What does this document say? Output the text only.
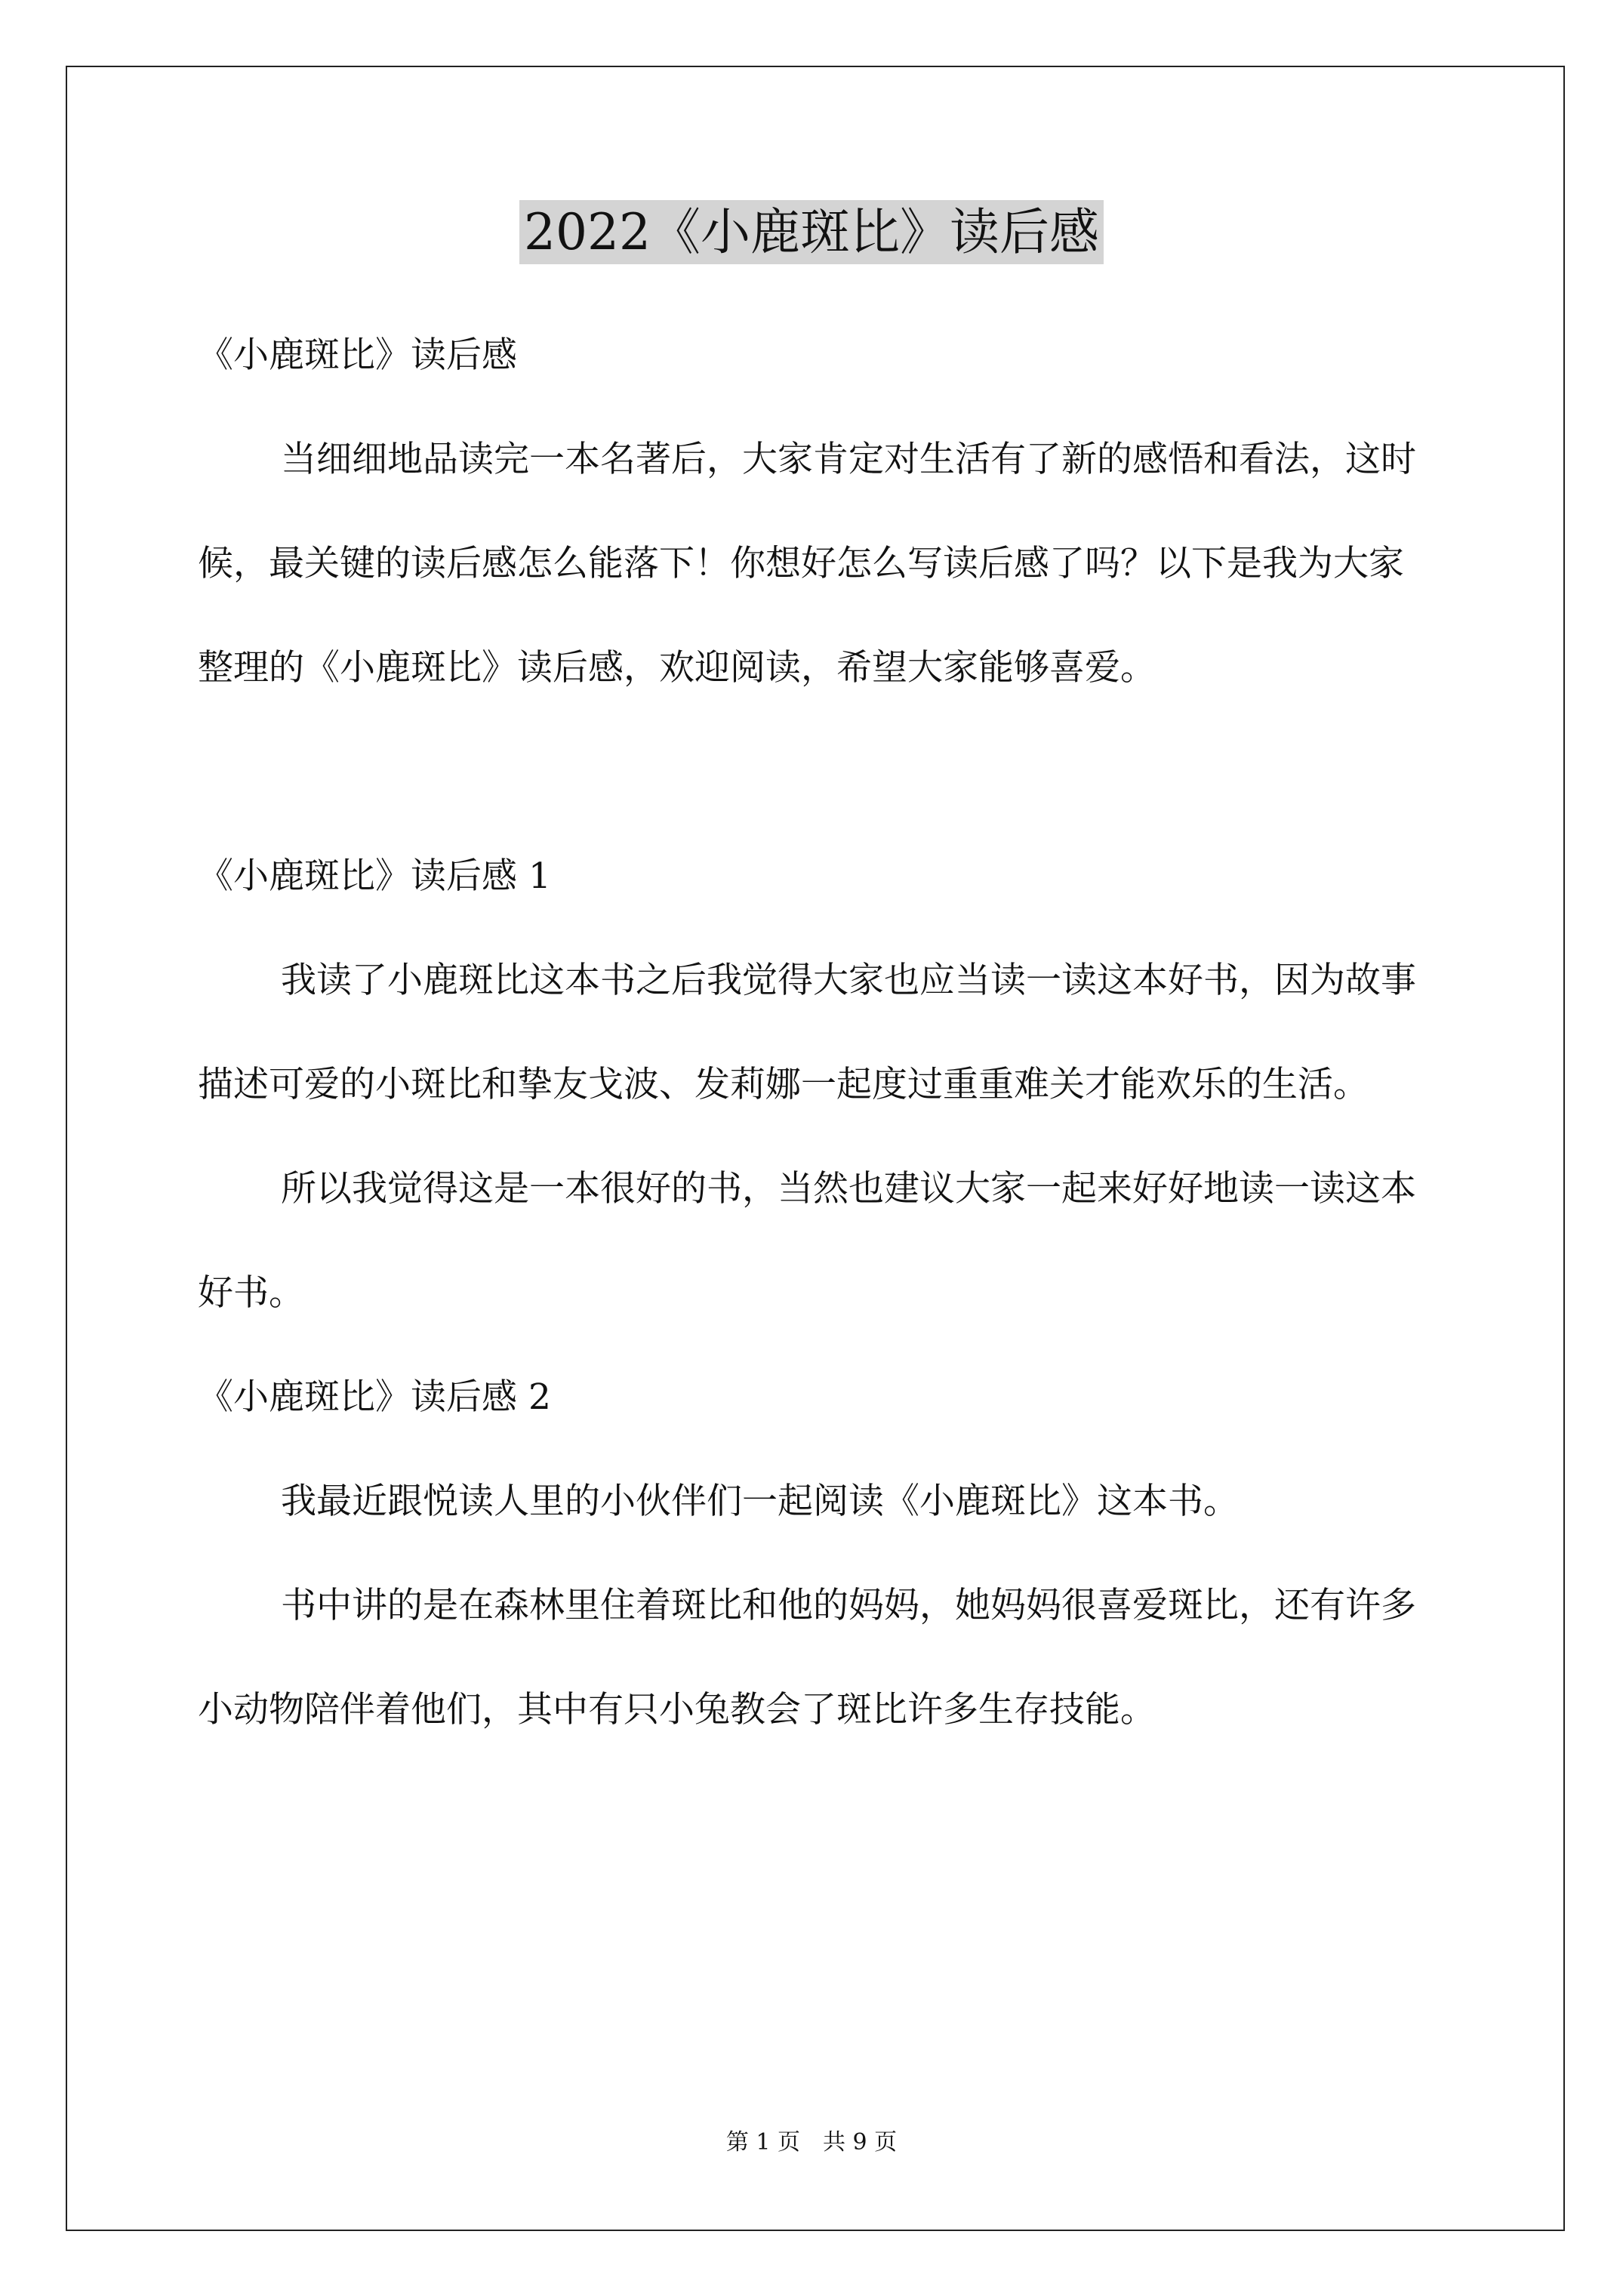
2022《小鹿斑比》读后感

《小鹿斑比》读后感

当细细地品读完一本名著后，大家肯定对生活有了新的感悟和看法，这时候，最关键的读后感怎么能落下！你想好怎么写读后感了吗？以下是我为大家整理的《小鹿斑比》读后感，欢迎阅读，希望大家能够喜爱。

《小鹿斑比》读后感 1

我读了小鹿斑比这本书之后我觉得大家也应当读一读这本好书，因为故事描述可爱的小斑比和挚友戈波、发莉娜一起度过重重难关才能欢乐的生活。

所以我觉得这是一本很好的书，当然也建议大家一起来好好地读一读这本好书。

《小鹿斑比》读后感 2

我最近跟悦读人里的小伙伴们一起阅读《小鹿斑比》这本书。

书中讲的是在森林里住着斑比和他的妈妈，她妈妈很喜爱斑比，还有许多小动物陪伴着他们，其中有只小兔教会了斑比许多生存技能。

第 1 页　共 9 页
